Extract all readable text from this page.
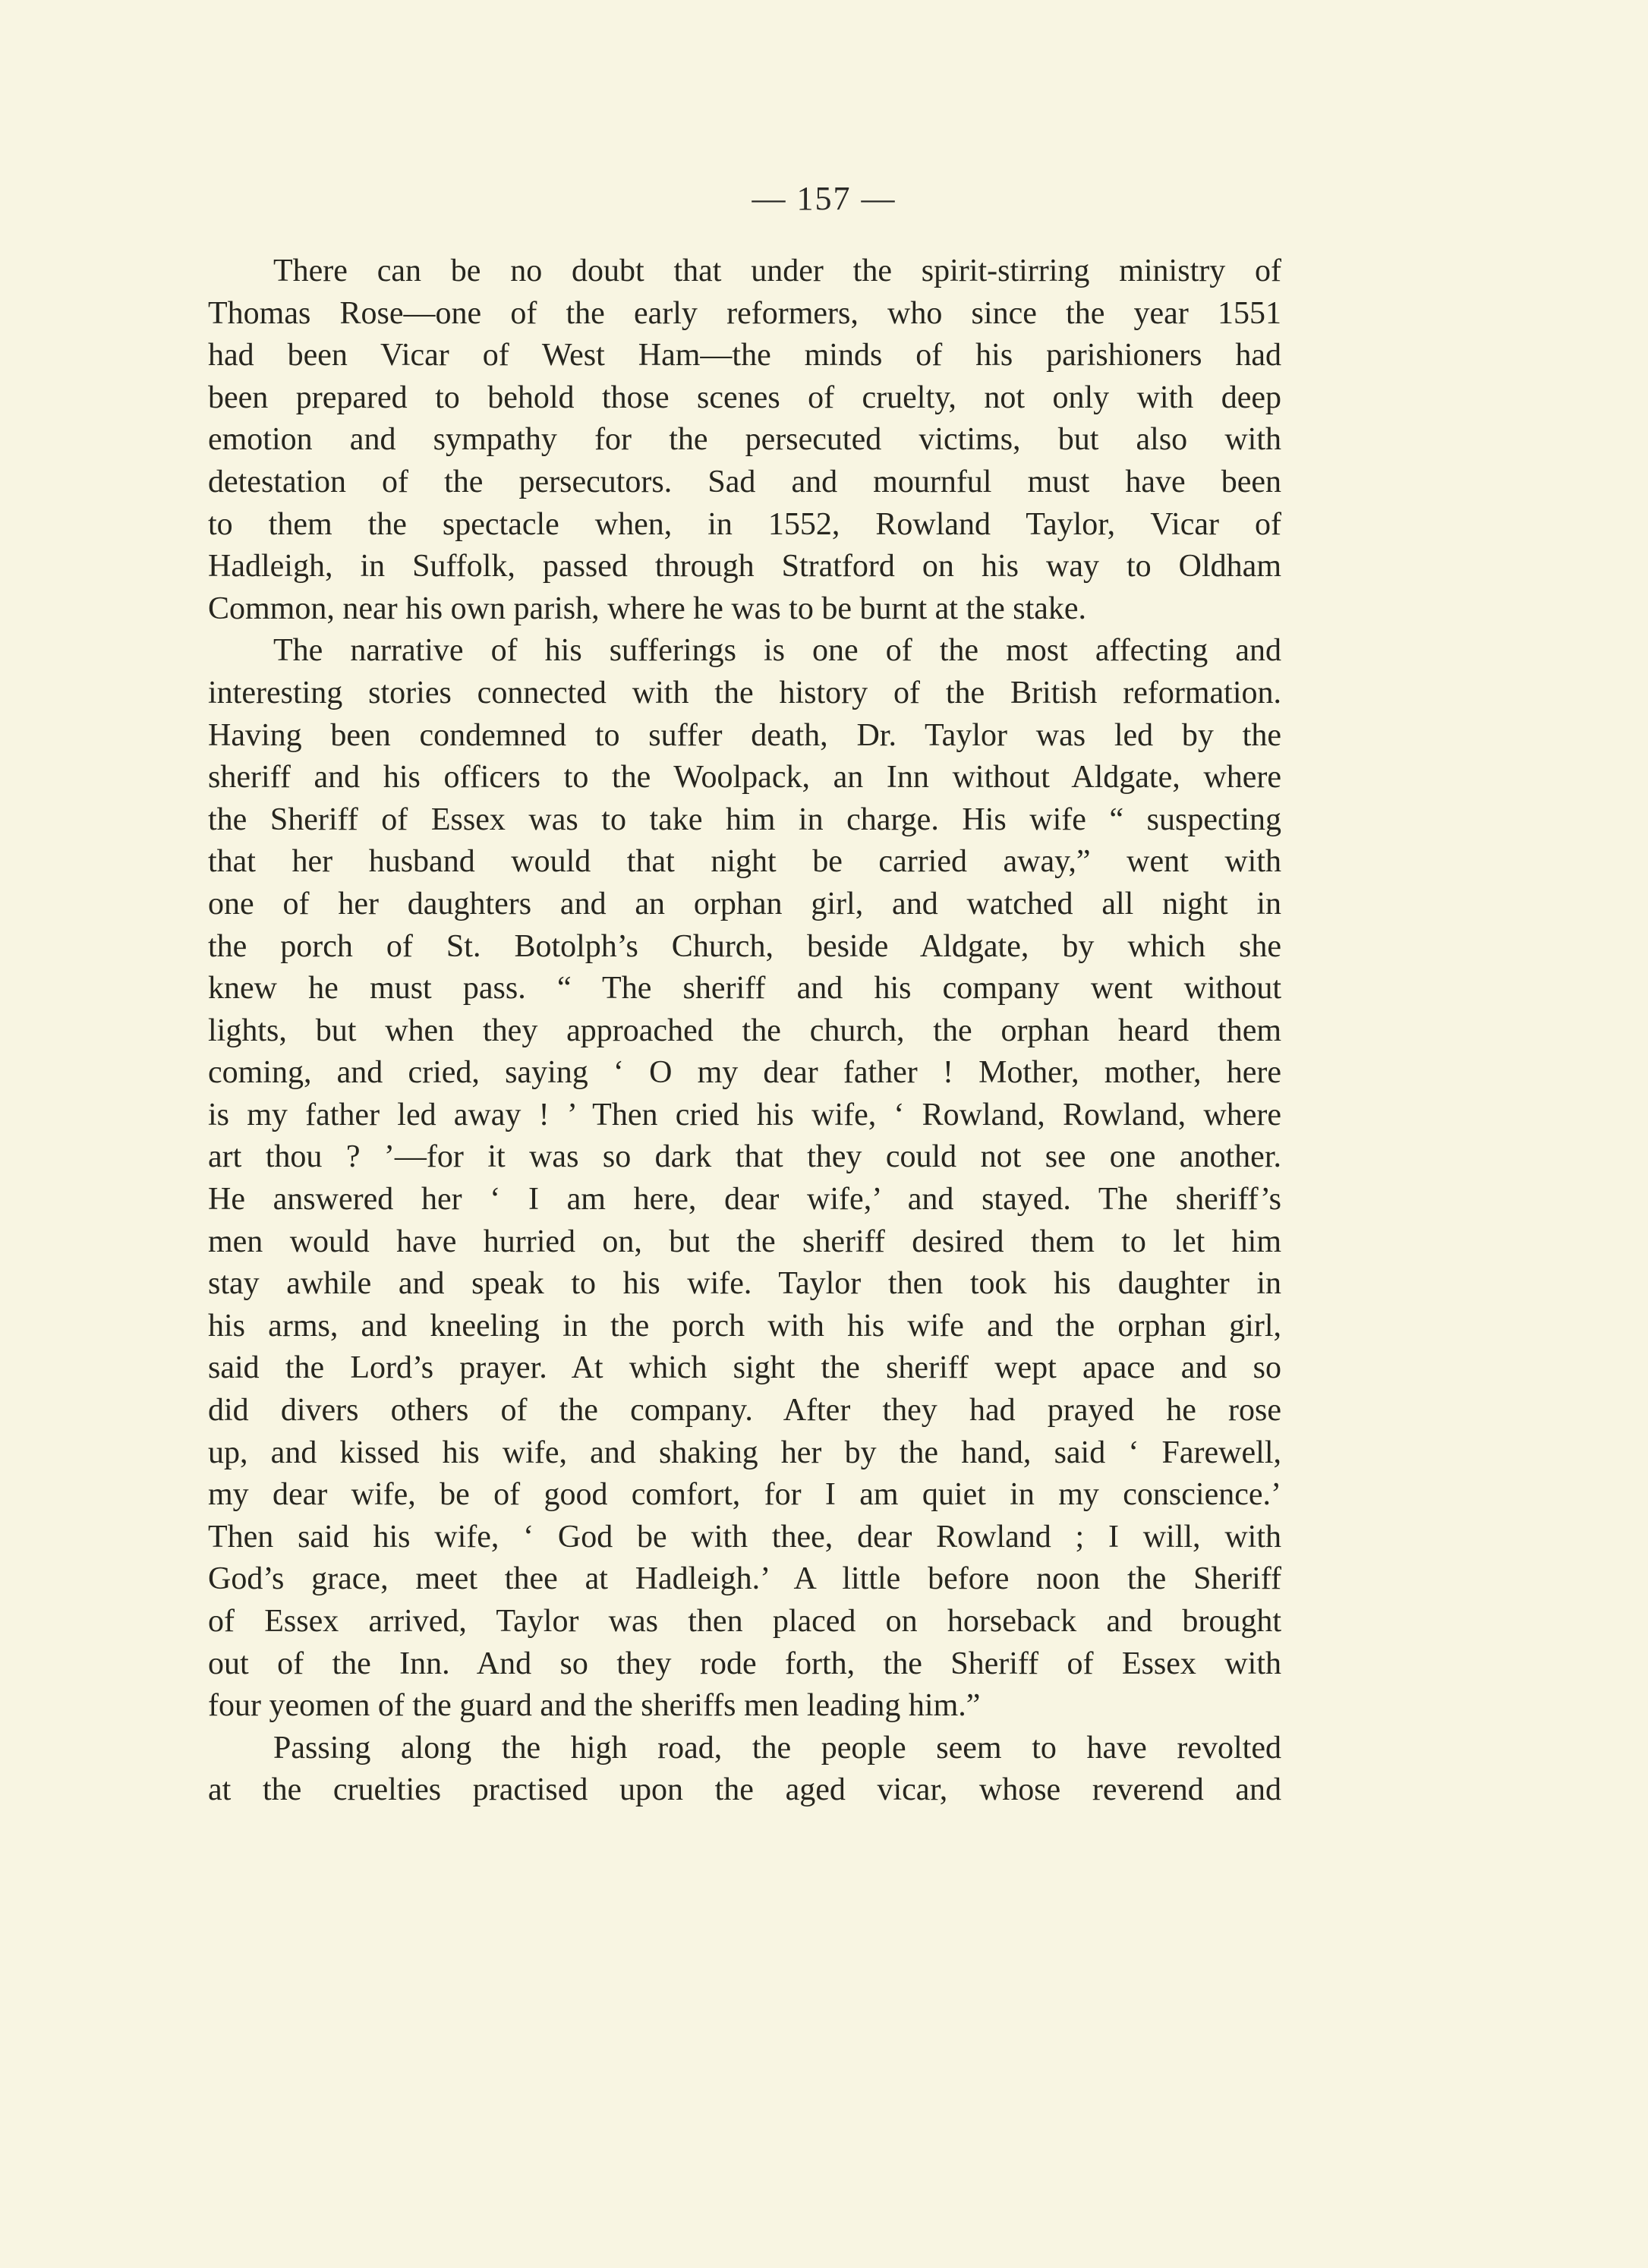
— 157 —
There can be no doubt that under the spirit-stirring ministry of
Thomas Rose—one of the early reformers, who since the year 1551
had been Vicar of West Ham—the minds of his parishioners had
been prepared to behold those scenes of cruelty, not only with deep
emotion and sympathy for the persecuted victims, but also with
detestation of the persecutors. Sad and mournful must have been
to them the spectacle when, in 1552, Rowland Taylor, Vicar of
Hadleigh, in Suffolk, passed through Stratford on his way to Oldham
Common, near his own parish, where he was to be burnt at the stake.
The narrative of his sufferings is one of the most affecting and
interesting stories connected with the history of the British reformation.
Having been condemned to suffer death, Dr. Taylor was led by the
sheriff and his officers to the Woolpack, an Inn without Aldgate, where
the Sheriff of Essex was to take him in charge. His wife “ suspecting
that her husband would that night be carried away,” went with
one of her daughters and an orphan girl, and watched all night in
the porch of St. Botolph’s Church, beside Aldgate, by which she
knew he must pass. “ The sheriff and his company went without
lights, but when they approached the church, the orphan heard them
coming, and cried, saying ‘ O my dear father ! Mother, mother, here
is my father led away ! ’ Then cried his wife, ‘ Rowland, Rowland, where
art thou ? ’—for it was so dark that they could not see one another.
He answered her ‘ I am here, dear wife,’ and stayed. The sheriff’s
men would have hurried on, but the sheriff desired them to let him
stay awhile and speak to his wife. Taylor then took his daughter in
his arms, and kneeling in the porch with his wife and the orphan girl,
said the Lord’s prayer. At which sight the sheriff wept apace and so
did divers others of the company. After they had prayed he rose
up, and kissed his wife, and shaking her by the hand, said ‘ Farewell,
my dear wife, be of good comfort, for I am quiet in my conscience.’
Then said his wife, ‘ God be with thee, dear Rowland ; I will, with
God’s grace, meet thee at Hadleigh.’ A little before noon the Sheriff
of Essex arrived, Taylor was then placed on horseback and brought
out of the Inn. And so they rode forth, the Sheriff of Essex with
four yeomen of the guard and the sheriffs men leading him.”
Passing along the high road, the people seem to have revolted
at the cruelties practised upon the aged vicar, whose reverend and
